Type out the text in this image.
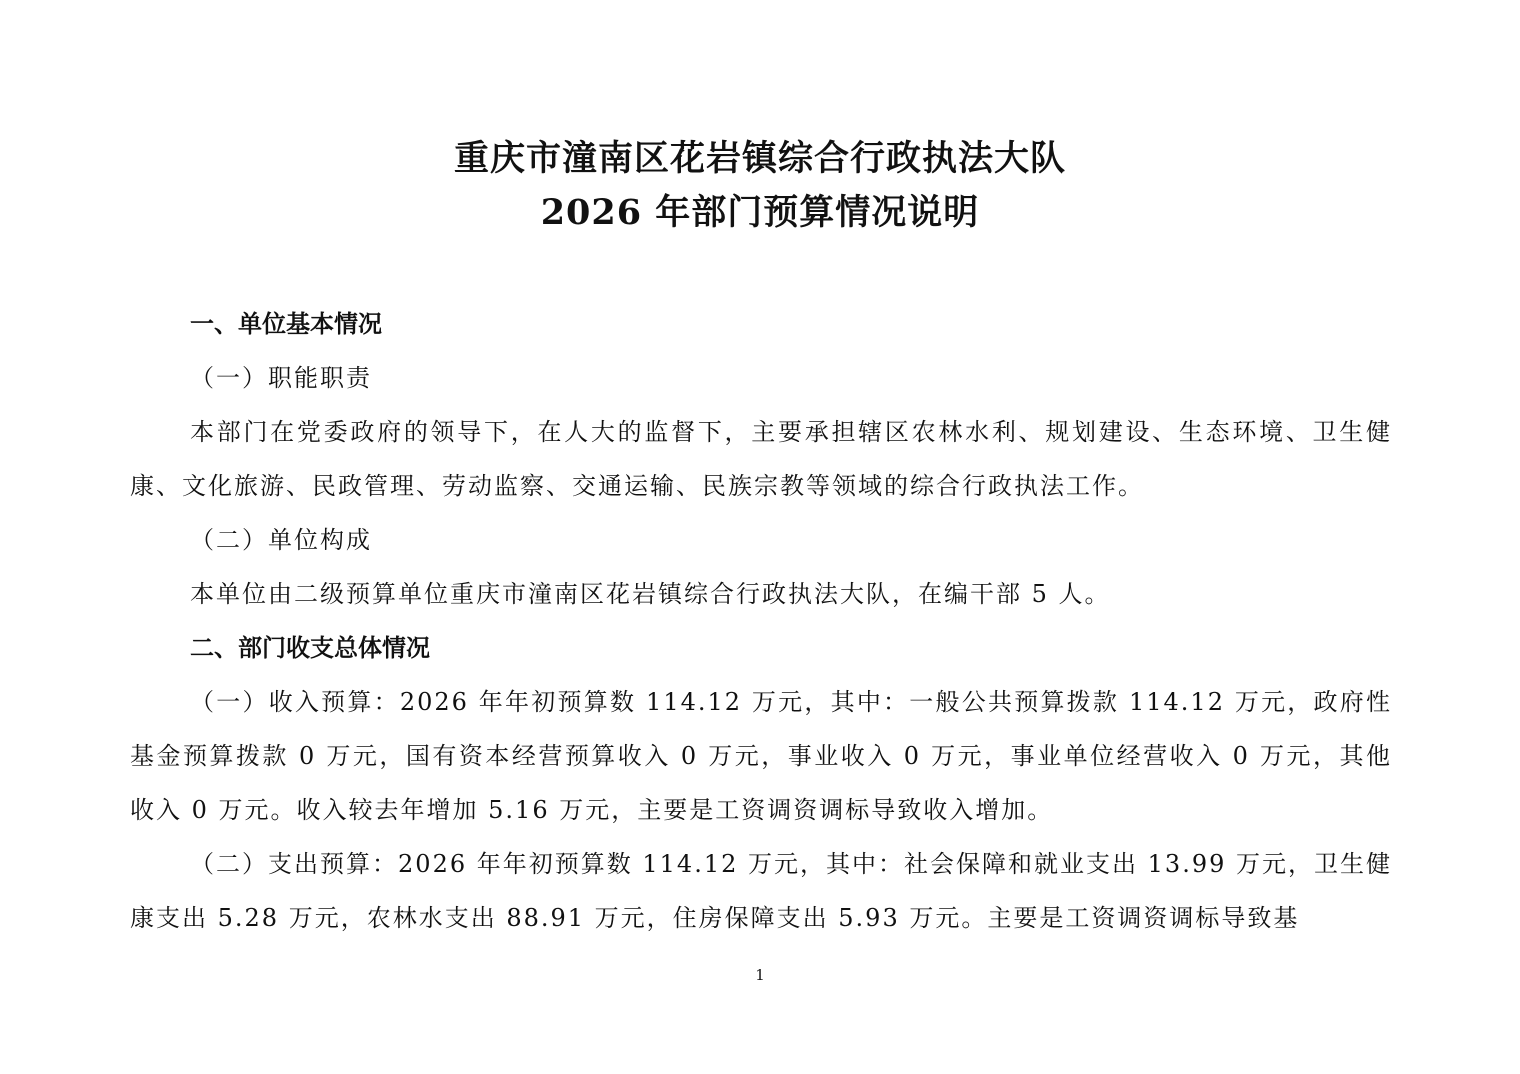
重庆市潼南区花岩镇综合行政执法大队
2026 年部门预算情况说明
一、单位基本情况
（一）职能职责
本部门在党委政府的领导下，在人大的监督下，主要承担辖区农林水利、规划建设、生态环境、卫生健康、文化旅游、民政管理、劳动监察、交通运输、民族宗教等领域的综合行政执法工作。
（二）单位构成
本单位由二级预算单位重庆市潼南区花岩镇综合行政执法大队，在编干部 5 人。
二、部门收支总体情况
（一）收入预算：2026 年年初预算数 114.12 万元，其中：一般公共预算拨款 114.12 万元，政府性基金预算拨款 0 万元，国有资本经营预算收入 0 万元，事业收入 0 万元，事业单位经营收入 0 万元，其他收入 0 万元。收入较去年增加 5.16 万元，主要是工资调资调标导致收入增加。
（二）支出预算：2026 年年初预算数 114.12 万元，其中：社会保障和就业支出 13.99 万元，卫生健康支出 5.28 万元，农林水支出 88.91 万元，住房保障支出 5.93 万元。主要是工资调资调标导致基
1
